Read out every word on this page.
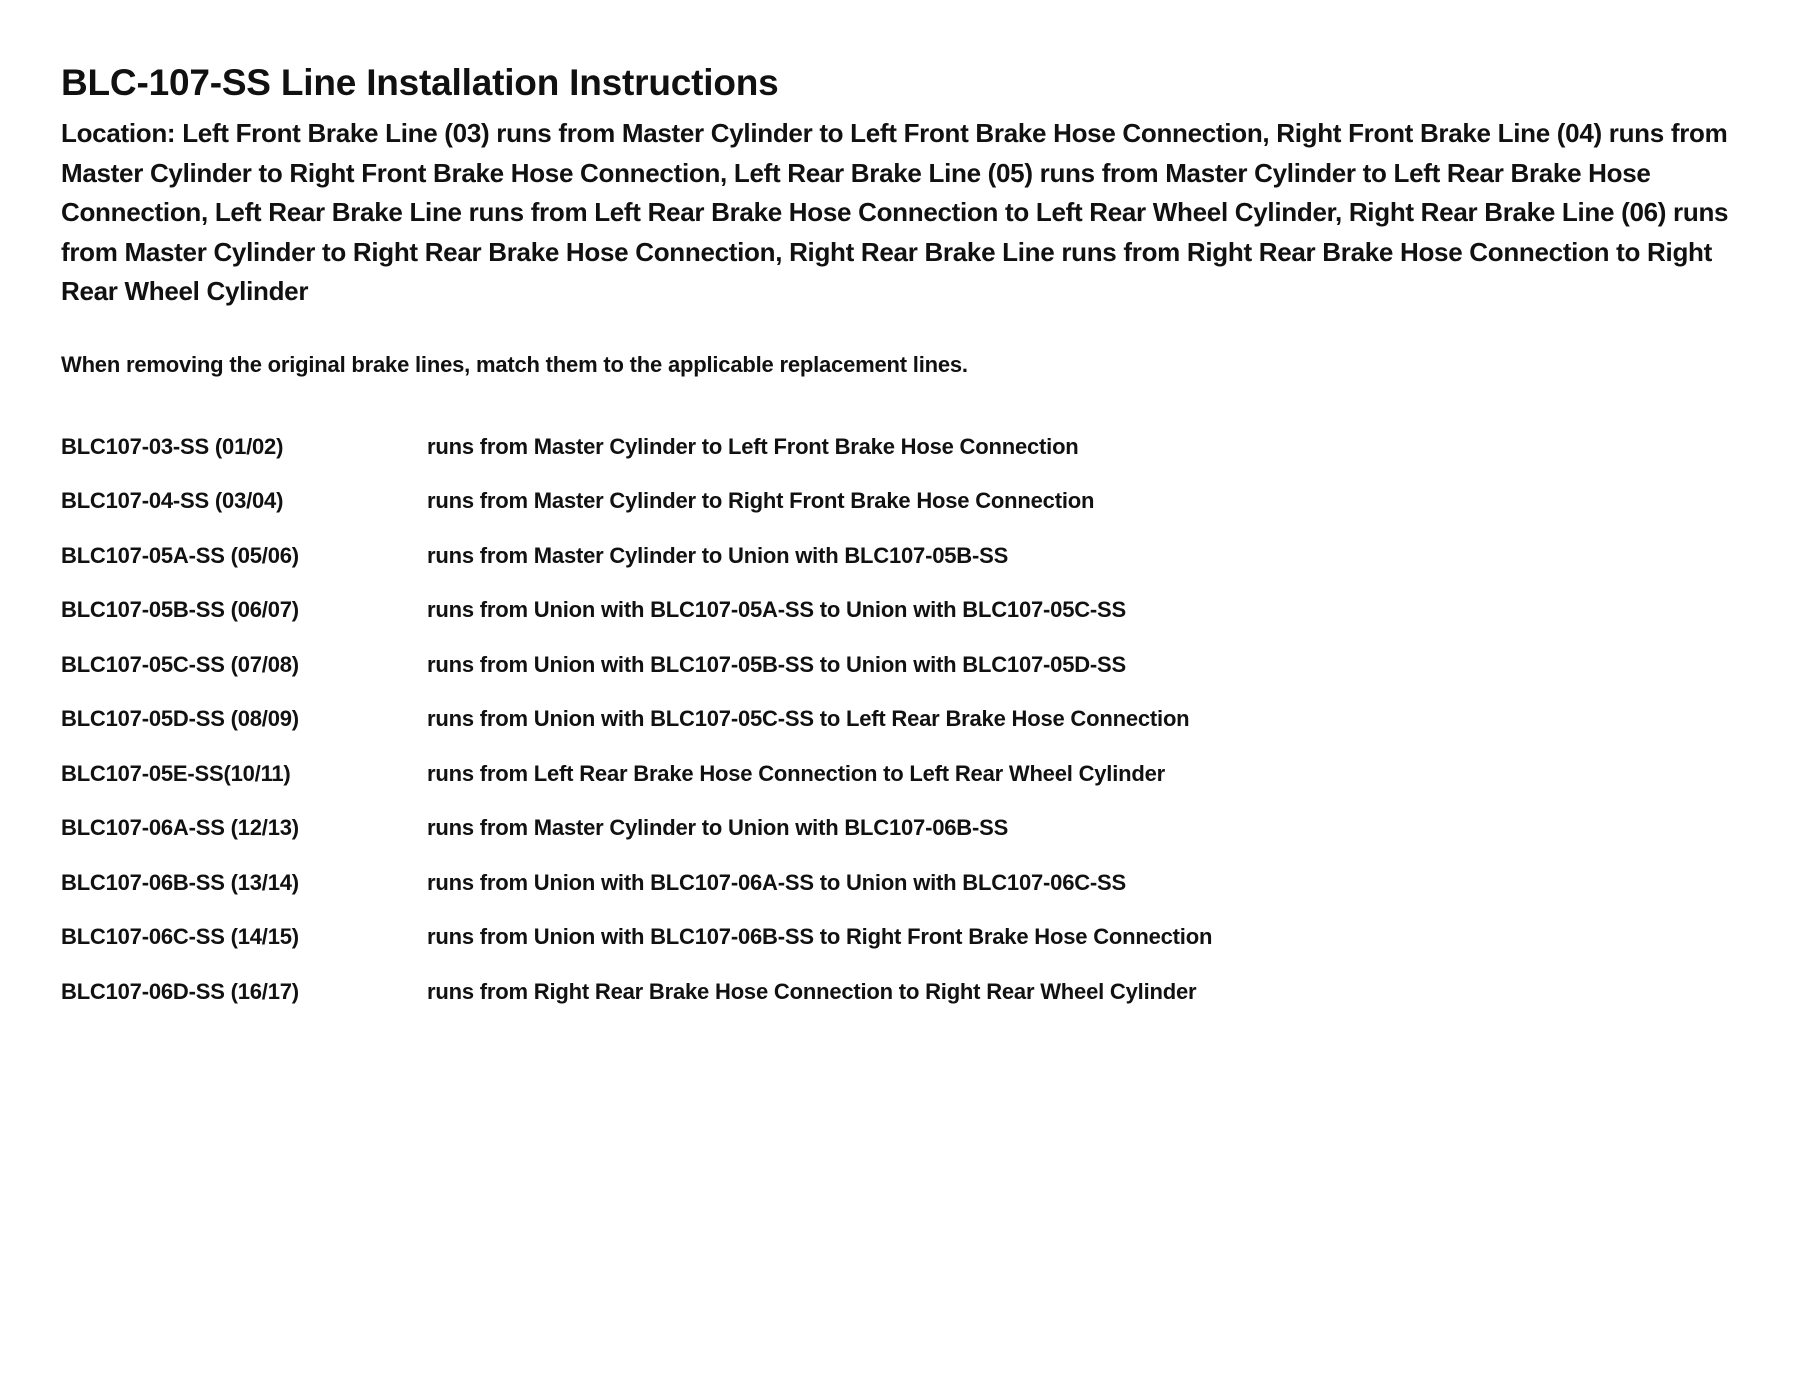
BLC-107-SS Line Installation Instructions

Location: Left Front Brake Line (03) runs from Master Cylinder to Left Front Brake Hose Connection, Right Front Brake Line (04) runs from Master Cylinder to Right Front Brake Hose Connection, Left Rear Brake Line (05) runs from Master Cylinder to Left Rear Brake Hose Connection, Left Rear Brake Line runs from Left Rear Brake Hose Connection to Left Rear Wheel Cylinder, Right Rear Brake Line (06) runs from Master Cylinder to Right Rear Brake Hose Connection, Right Rear Brake Line runs from Right Rear Brake Hose Connection to Right Rear Wheel Cylinder

When removing the original brake lines, match them to the applicable replacement lines.

BLC107-03-SS (01/02)	runs from Master Cylinder to Left Front Brake Hose Connection
BLC107-04-SS (03/04)	runs from Master Cylinder to Right Front Brake Hose Connection
BLC107-05A-SS (05/06)	runs from Master Cylinder to Union with BLC107-05B-SS
BLC107-05B-SS (06/07)	runs from Union with BLC107-05A-SS to Union with BLC107-05C-SS
BLC107-05C-SS (07/08)	runs from Union with BLC107-05B-SS to Union with BLC107-05D-SS
BLC107-05D-SS (08/09)	runs from Union with BLC107-05C-SS to Left Rear Brake Hose Connection
BLC107-05E-SS(10/11)	runs from Left Rear Brake Hose Connection to Left Rear Wheel Cylinder
BLC107-06A-SS (12/13)	runs from Master Cylinder to Union with BLC107-06B-SS
BLC107-06B-SS (13/14)	runs from Union with BLC107-06A-SS to Union with BLC107-06C-SS
BLC107-06C-SS (14/15)	runs from Union with BLC107-06B-SS to Right Front Brake Hose Connection
BLC107-06D-SS (16/17)	runs from Right Rear Brake Hose Connection to Right Rear Wheel Cylinder
